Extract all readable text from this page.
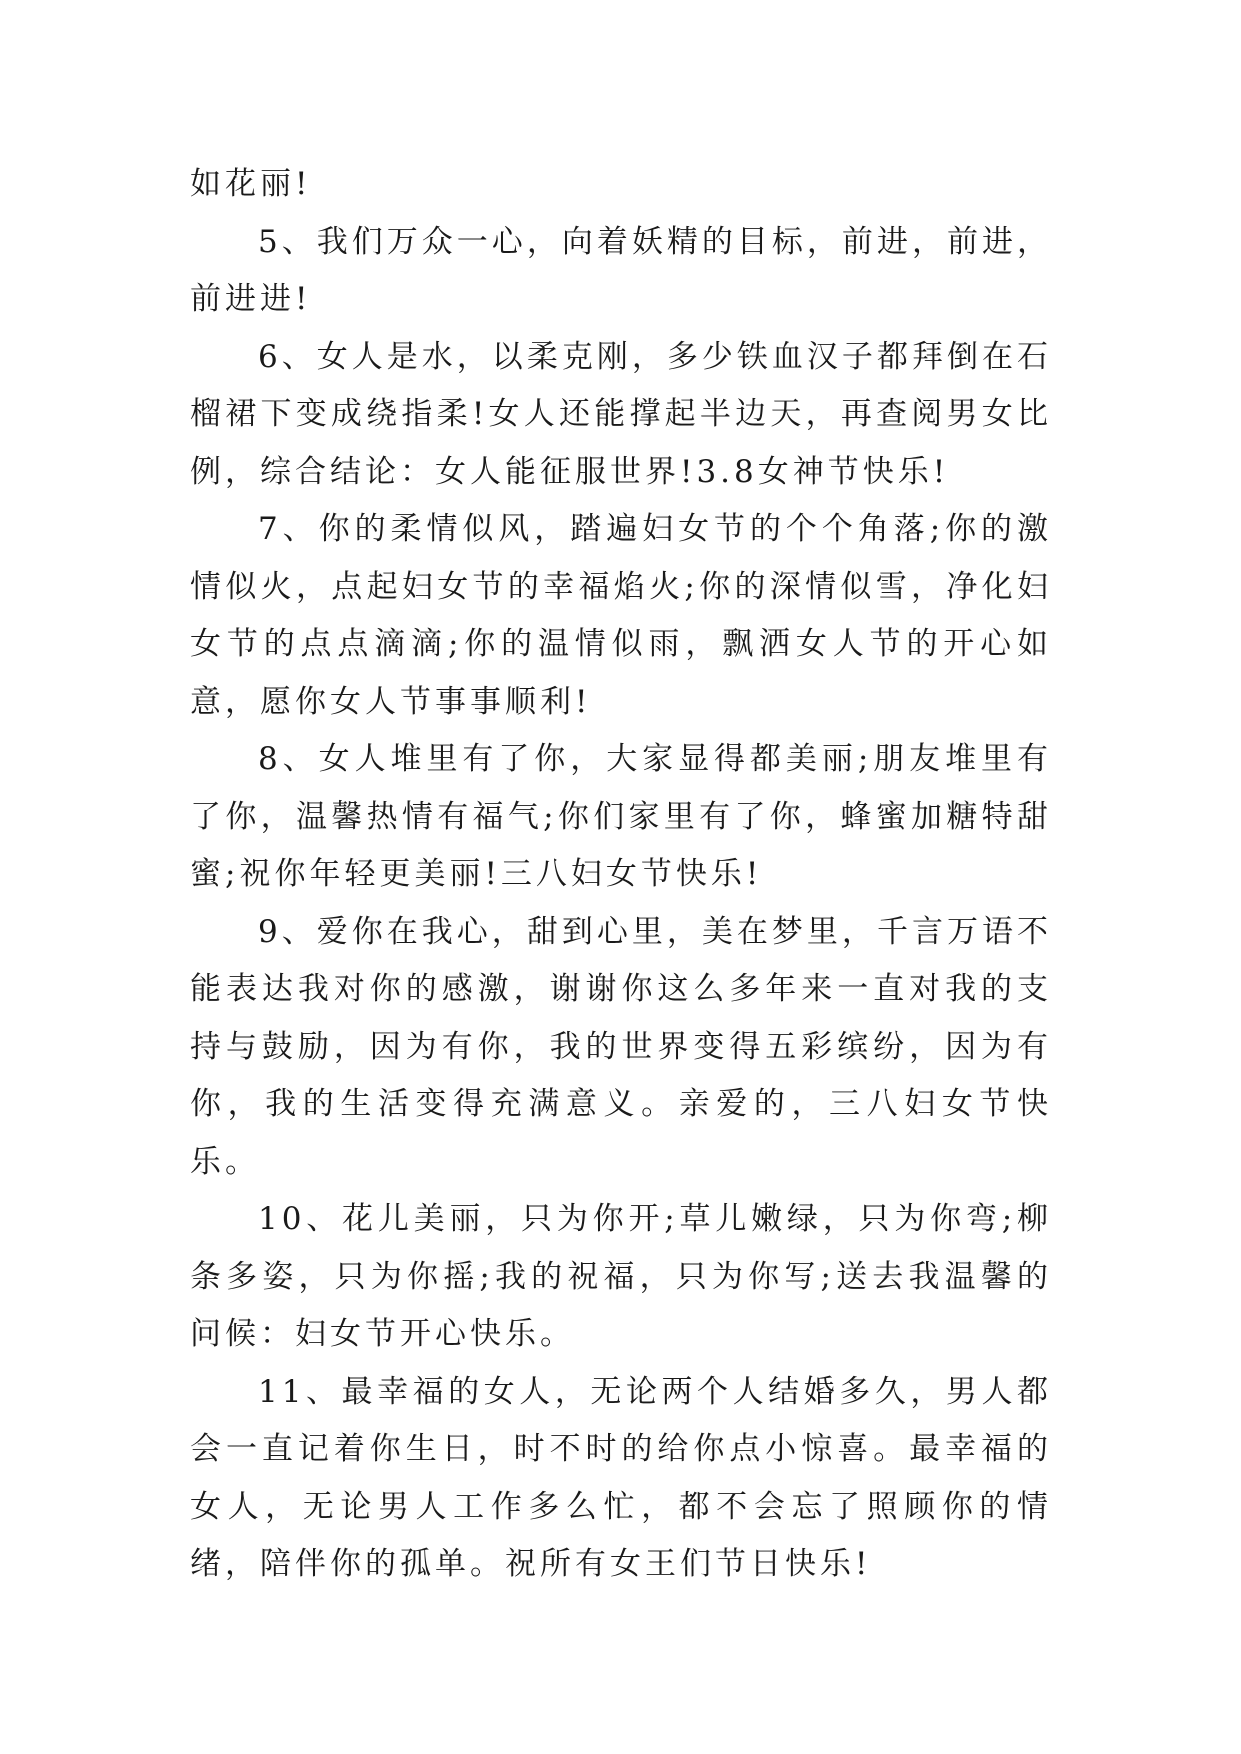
如花丽!

5、我们万众一心，向着妖精的目标，前进，前进，前进进!

6、女人是水，以柔克刚，多少铁血汉子都拜倒在石榴裙下变成绕指柔!女人还能撑起半边天，再查阅男女比例，综合结论：女人能征服世界!3.8女神节快乐!

7、你的柔情似风，踏遍妇女节的个个角落;你的激情似火，点起妇女节的幸福焰火;你的深情似雪，净化妇女节的点点滴滴;你的温情似雨，飘洒女人节的开心如意，愿你女人节事事顺利!

8、女人堆里有了你，大家显得都美丽;朋友堆里有了你，温馨热情有福气;你们家里有了你，蜂蜜加糖特甜蜜;祝你年轻更美丽!三八妇女节快乐!

9、爱你在我心，甜到心里，美在梦里，千言万语不能表达我对你的感激，谢谢你这么多年来一直对我的支持与鼓励，因为有你，我的世界变得五彩缤纷，因为有你，我的生活变得充满意义。亲爱的，三八妇女节快乐。

10、花儿美丽，只为你开;草儿嫩绿，只为你弯;柳条多姿，只为你摇;我的祝福，只为你写;送去我温馨的问候：妇女节开心快乐。

11、最幸福的女人，无论两个人结婚多久，男人都会一直记着你生日，时不时的给你点小惊喜。最幸福的女人，无论男人工作多么忙，都不会忘了照顾你的情绪，陪伴你的孤单。祝所有女王们节日快乐!
